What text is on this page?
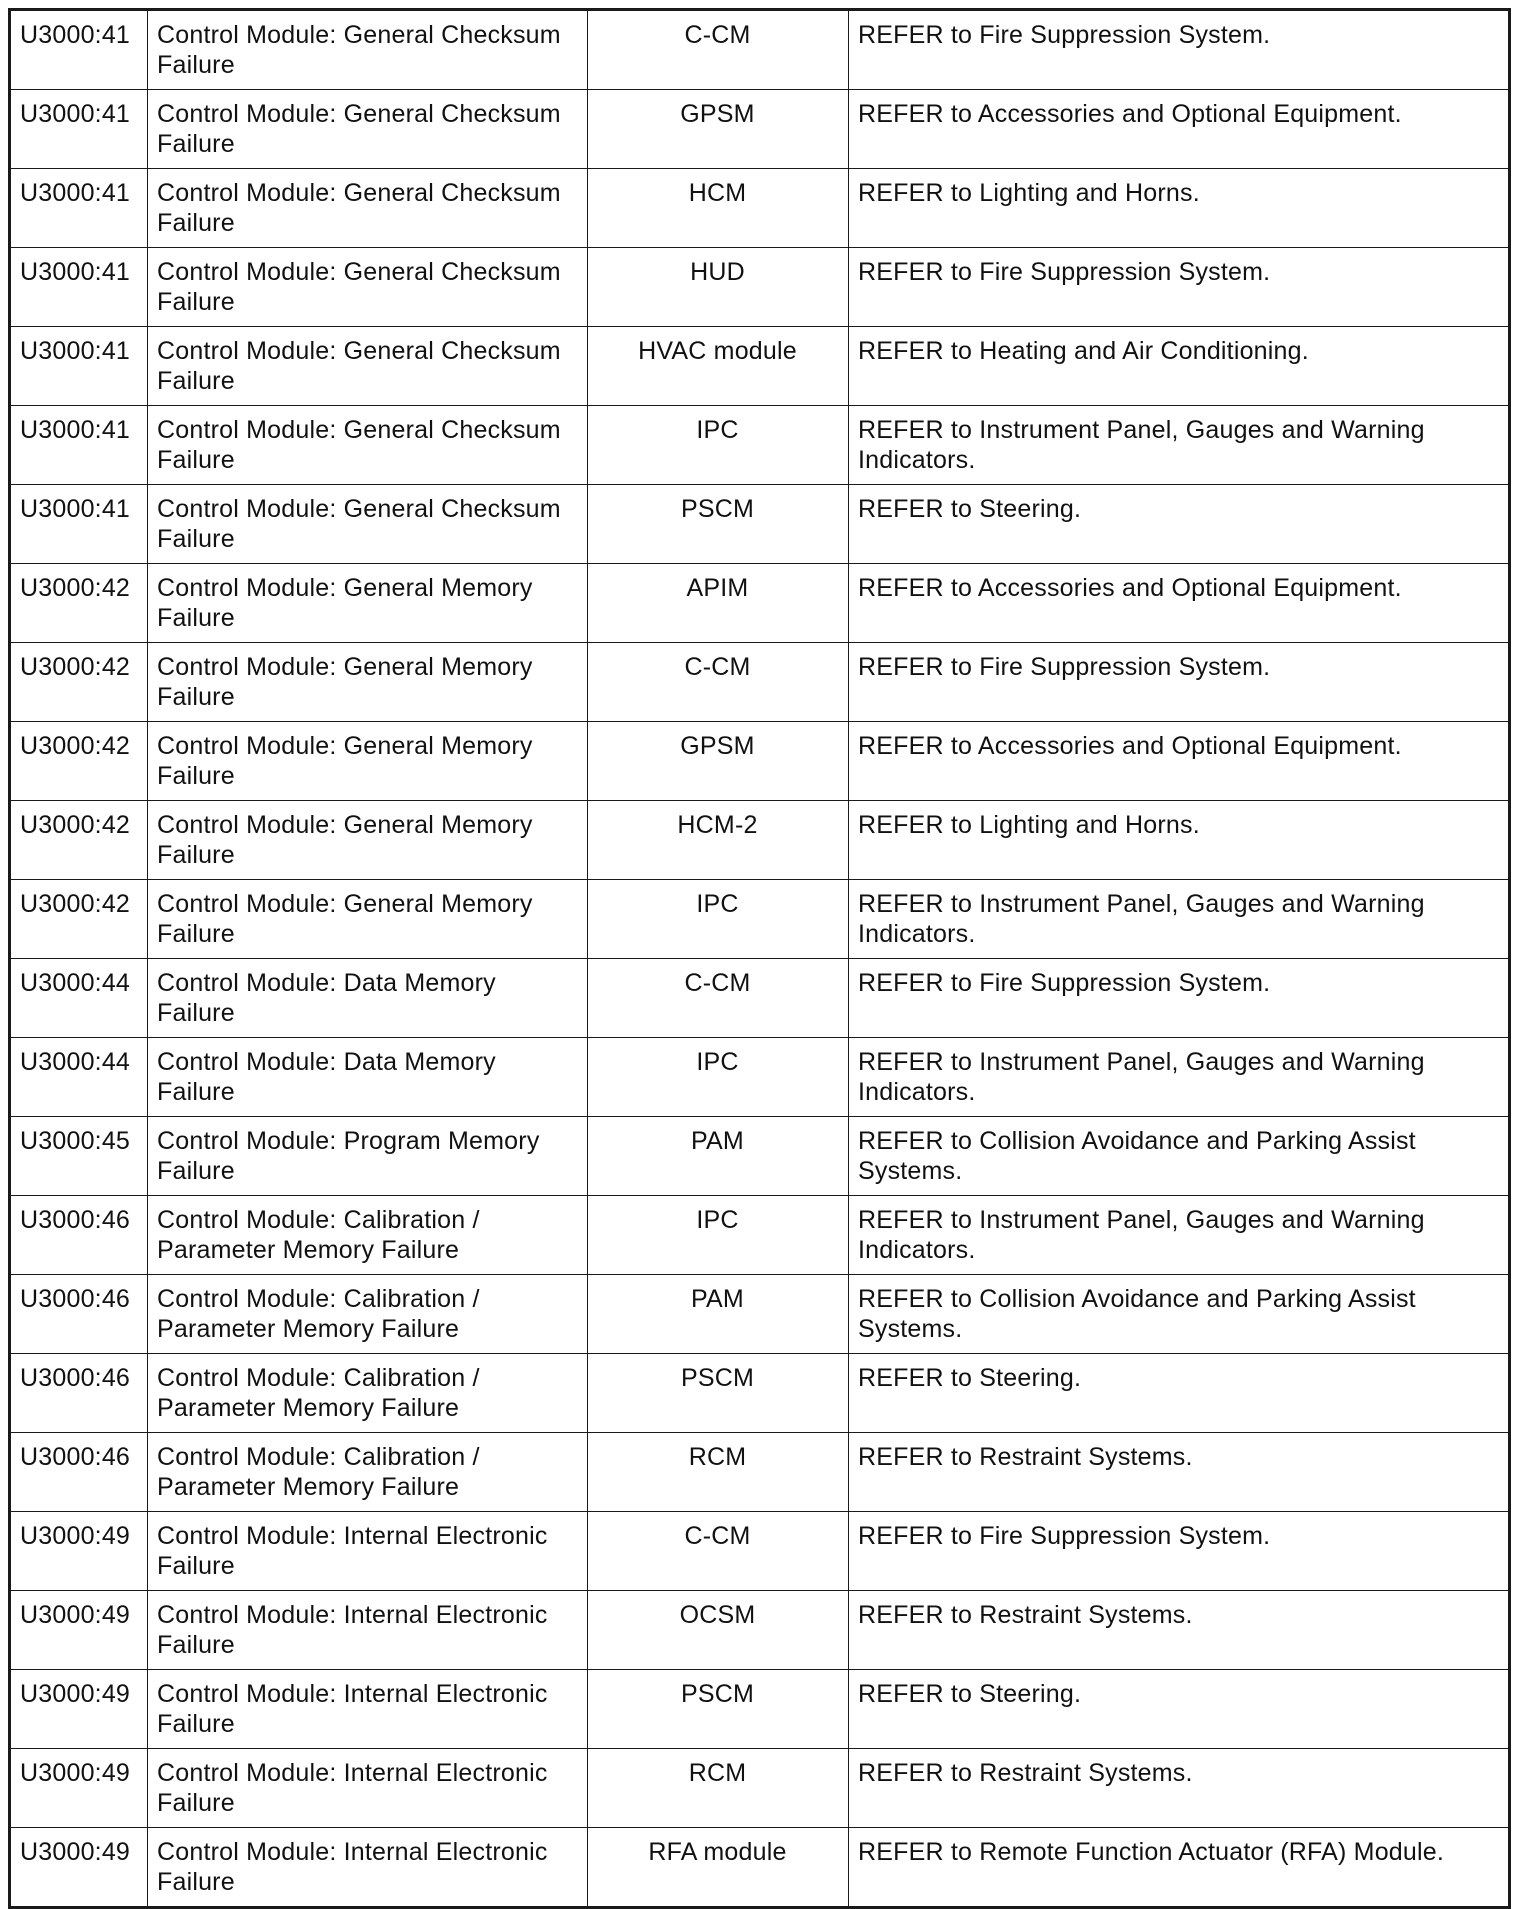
U3000:41	Control Module: General Checksum Failure	C-CM	REFER to Fire Suppression System.
U3000:41	Control Module: General Checksum Failure	GPSM	REFER to Accessories and Optional Equipment.
U3000:41	Control Module: General Checksum Failure	HCM	REFER to Lighting and Horns.
U3000:41	Control Module: General Checksum Failure	HUD	REFER to Fire Suppression System.
U3000:41	Control Module: General Checksum Failure	HVAC module	REFER to Heating and Air Conditioning.
U3000:41	Control Module: General Checksum Failure	IPC	REFER to Instrument Panel, Gauges and Warning Indicators.
U3000:41	Control Module: General Checksum Failure	PSCM	REFER to Steering.
U3000:42	Control Module: General Memory Failure	APIM	REFER to Accessories and Optional Equipment.
U3000:42	Control Module: General Memory Failure	C-CM	REFER to Fire Suppression System.
U3000:42	Control Module: General Memory Failure	GPSM	REFER to Accessories and Optional Equipment.
U3000:42	Control Module: General Memory Failure	HCM-2	REFER to Lighting and Horns.
U3000:42	Control Module: General Memory Failure	IPC	REFER to Instrument Panel, Gauges and Warning Indicators.
U3000:44	Control Module: Data Memory Failure	C-CM	REFER to Fire Suppression System.
U3000:44	Control Module: Data Memory Failure	IPC	REFER to Instrument Panel, Gauges and Warning Indicators.
U3000:45	Control Module: Program Memory Failure	PAM	REFER to Collision Avoidance and Parking Assist Systems.
U3000:46	Control Module: Calibration / Parameter Memory Failure	IPC	REFER to Instrument Panel, Gauges and Warning Indicators.
U3000:46	Control Module: Calibration / Parameter Memory Failure	PAM	REFER to Collision Avoidance and Parking Assist Systems.
U3000:46	Control Module: Calibration / Parameter Memory Failure	PSCM	REFER to Steering.
U3000:46	Control Module: Calibration / Parameter Memory Failure	RCM	REFER to Restraint Systems.
U3000:49	Control Module: Internal Electronic Failure	C-CM	REFER to Fire Suppression System.
U3000:49	Control Module: Internal Electronic Failure	OCSM	REFER to Restraint Systems.
U3000:49	Control Module: Internal Electronic Failure	PSCM	REFER to Steering.
U3000:49	Control Module: Internal Electronic Failure	RCM	REFER to Restraint Systems.
U3000:49	Control Module: Internal Electronic Failure	RFA module	REFER to Remote Function Actuator (RFA) Module.
